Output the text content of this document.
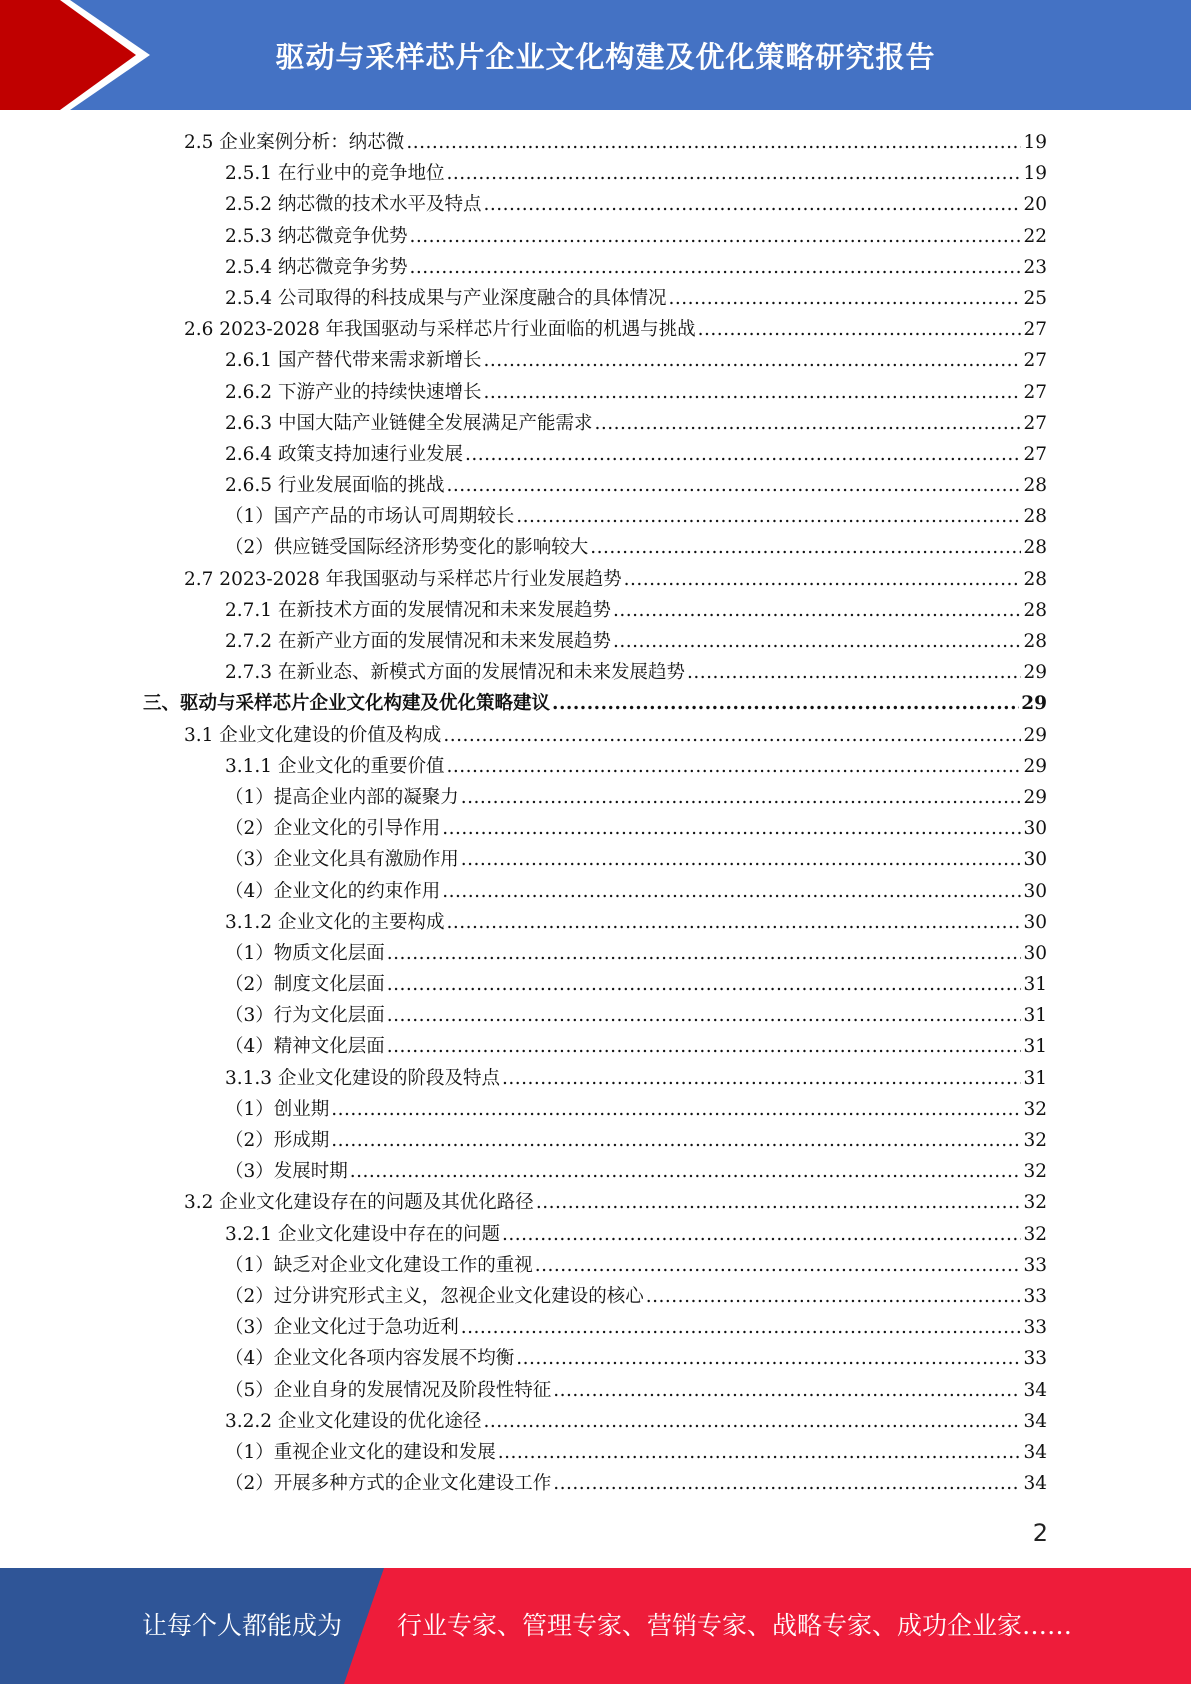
驱动与采样芯片企业文化构建及优化策略研究报告
2.5 企业案例分析：纳芯微 .....	19
2.5.1 在行业中的竞争地位 .....	19
2.5.2 纳芯微的技术水平及特点 .....	20
2.5.3 纳芯微竞争优势 .....	22
2.5.4 纳芯微竞争劣势 .....	23
2.5.4 公司取得的科技成果与产业深度融合的具体情况 .....	25
2.6 2023-2028 年我国驱动与采样芯片行业面临的机遇与挑战 .....	27
2.6.1 国产替代带来需求新增长 .....	27
2.6.2 下游产业的持续快速增长 .....	27
2.6.3 中国大陆产业链健全发展满足产能需求 .....	27
2.6.4 政策支持加速行业发展 .....	27
2.6.5 行业发展面临的挑战 .....	28
（1）国产产品的市场认可周期较长 .....	28
（2）供应链受国际经济形势变化的影响较大 .....	28
2.7 2023-2028 年我国驱动与采样芯片行业发展趋势 .....	28
2.7.1 在新技术方面的发展情况和未来发展趋势 .....	28
2.7.2 在新产业方面的发展情况和未来发展趋势 .....	28
2.7.3 在新业态、新模式方面的发展情况和未来发展趋势 .....	29
三、驱动与采样芯片企业文化构建及优化策略建议 .....	29
3.1 企业文化建设的价值及构成 .....	29
3.1.1 企业文化的重要价值 .....	29
（1）提高企业内部的凝聚力 .....	29
（2）企业文化的引导作用 .....	30
（3）企业文化具有激励作用 .....	30
（4）企业文化的约束作用 .....	30
3.1.2 企业文化的主要构成 .....	30
（1）物质文化层面 .....	30
（2）制度文化层面 .....	31
（3）行为文化层面 .....	31
（4）精神文化层面 .....	31
3.1.3 企业文化建设的阶段及特点 .....	31
（1）创业期 .....	32
（2）形成期 .....	32
（3）发展时期 .....	32
3.2 企业文化建设存在的问题及其优化路径 .....	32
3.2.1 企业文化建设中存在的问题 .....	32
（1）缺乏对企业文化建设工作的重视 .....	33
（2）过分讲究形式主义，忽视企业文化建设的核心 .....	33
（3）企业文化过于急功近利 .....	33
（4）企业文化各项内容发展不均衡 .....	33
（5）企业自身的发展情况及阶段性特征 .....	34
3.2.2 企业文化建设的优化途径 .....	34
（1）重视企业文化的建设和发展 .....	34
（2）开展多种方式的企业文化建设工作 .....	34
2
让每个人都能成为 行业专家、管理专家、营销专家、战略专家、成功企业家……
